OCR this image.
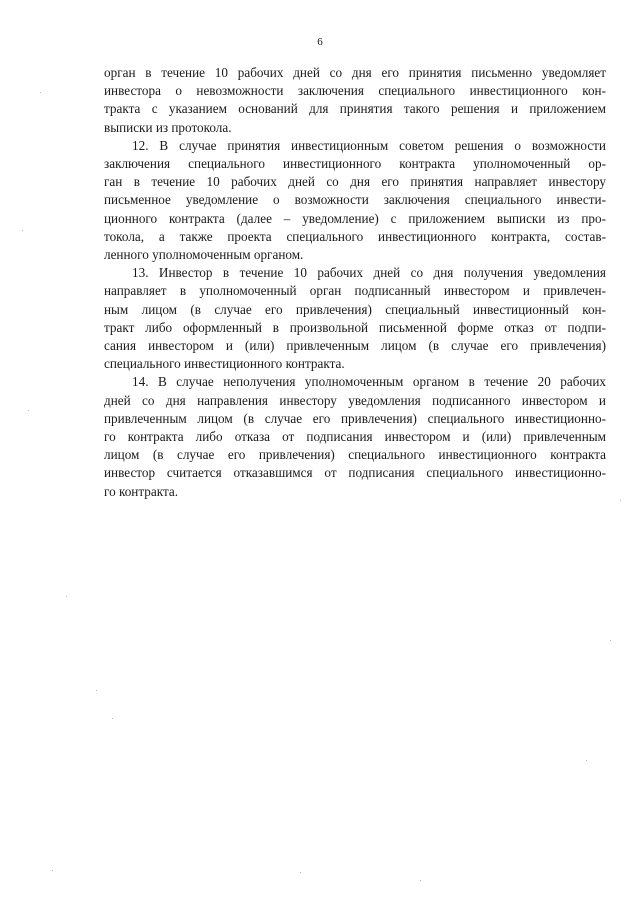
6

орган в течение 10 рабочих дней со дня его принятия письменно уведомляет
инвестора о невозможности заключения специального инвестиционного кон-
тракта с указанием оснований для принятия такого решения и приложением
выписки из протокола.

12. В случае принятия инвестиционным советом решения о возможности
заключения специального инвестиционного контракта уполномоченный ор-
ган в течение 10 рабочих дней со дня его принятия направляет инвестору
письменное уведомление о возможности заключения специального инвести-
ционного контракта (далее – уведомление) с приложением выписки из про-
токола, а также проекта специального инвестиционного контракта, состав-
ленного уполномоченным органом.

13. Инвестор в течение 10 рабочих дней со дня получения уведомления
направляет в уполномоченный орган подписанный инвестором и привлечен-
ным лицом (в случае его привлечения) специальный инвестиционный кон-
тракт либо оформленный в произвольной письменной форме отказ от подпи-
сания инвестором и (или) привлеченным лицом (в случае его привлечения)
специального инвестиционного контракта.

14. В случае неполучения уполномоченным органом в течение 20 рабочих
дней со дня направления инвестору уведомления подписанного инвестором и
привлеченным лицом (в случае его привлечения) специального инвестиционно-
го контракта либо отказа от подписания инвестором и (или) привлеченным
лицом (в случае его привлечения) специального инвестиционного контракта
инвестор считается отказавшимся от подписания специального инвестиционно-
го контракта.
